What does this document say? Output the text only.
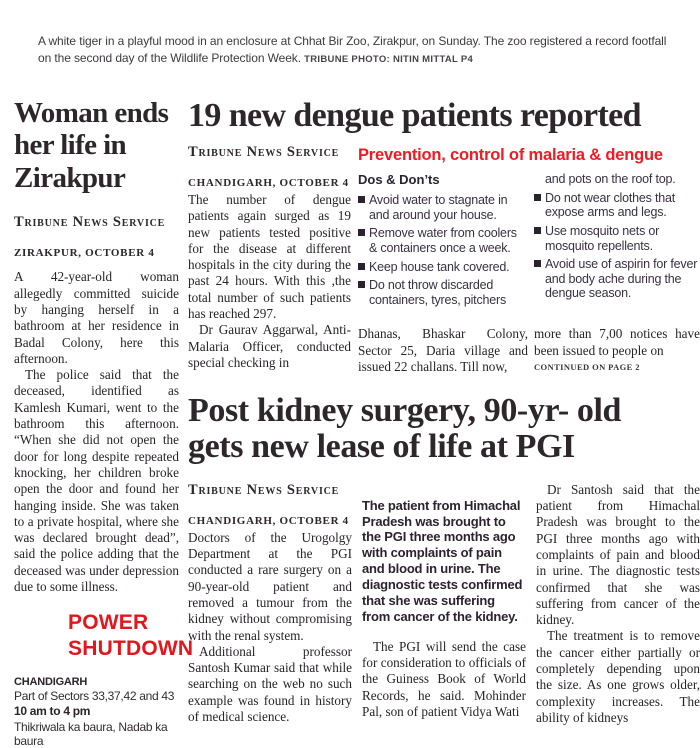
A white tiger in a playful mood in an enclosure at Chhat Bir Zoo, Zirakpur, on Sunday. The zoo registered a record footfall on the second day of the Wildlife Protection Week. TRIBUNE PHOTO: NITIN MITTAL P4
Woman ends her life in Zirakpur
Tribune News Service
ZIRAKPUR, OCTOBER 4

A 42-year-old woman allegedly committed suicide by hanging herself in a bathroom at her residence in Badal Colony, here this afternoon.

The police said that the deceased, identified as Kamlesh Kumari, went to the bathroom this afternoon. “When she did not open the door for long despite repeated knocking, her children broke open the door and found her hanging inside. She was taken to a private hospital, where she was declared brought dead”, said the police adding that the deceased was under depression due to some illness.

POWER
SHUTDOWN
CHANDIGARH
Part of Sectors 33,37,42 and 43
10 am to 4 pm
Thikriwala ka baura, Nadab ka baura
19 new dengue patients reported
Tribune News Service
CHANDIGARH, OCTOBER 4

The number of dengue patients again surged as 19 new patients tested positive for the disease at different hospitals in the city during the past 24 hours. With this ,the total number of such patients has reached 297.

Dr Gaurav Aggarwal, Anti-Malaria Officer, conducted special checking in

Prevention, control of malaria & dengue
Dos & Don’ts
Avoid water to stagnate in and around your house.
Remove water from coolers & containers once a week.
Keep house tank covered.
Do not throw discarded containers, tyres, pitchers
and pots on the roof top.
Do not wear clothes that expose arms and legs.
Use mosquito nets or mosquito repellents.
Avoid use of aspirin for fever and body ache during the dengue season.

Dhanas, Bhaskar Colony, Sector 25, Daria village and issued 22 challans. Till now,

more than 7,00 notices have been issued to people on

CONTINUED ON PAGE 2
Post kidney surgery, 90-yr- old
gets new lease of life at PGI
Tribune News Service
CHANDIGARH, OCTOBER 4

Doctors of the Urogolgy Department at the PGI conducted a rare surgery on a 90-year-old patient and removed a tumour from the kidney without compromising with the renal system.

Additional professor Santosh Kumar said that while searching on the web no such example was found in history of medical science.

The patient from Himachal Pradesh was brought to the PGI three months ago with complaints of pain and blood in urine. The diagnostic tests confirmed that she was suffering from cancer of the kidney.

The PGI will send the case for consideration to officials of the Guiness Book of World Records, he said. Mohinder Pal, son of patient Vidya Wati

Dr Santosh said that the patient from Himachal Pradesh was brought to the PGI three months ago with complaints of pain and blood in urine. The diagnostic tests confirmed that she was suffering from cancer of the kidney.

The treatment is to remove the cancer either partially or completely depending upon the size. As one grows older, complexity increases. The ability of kidneys
